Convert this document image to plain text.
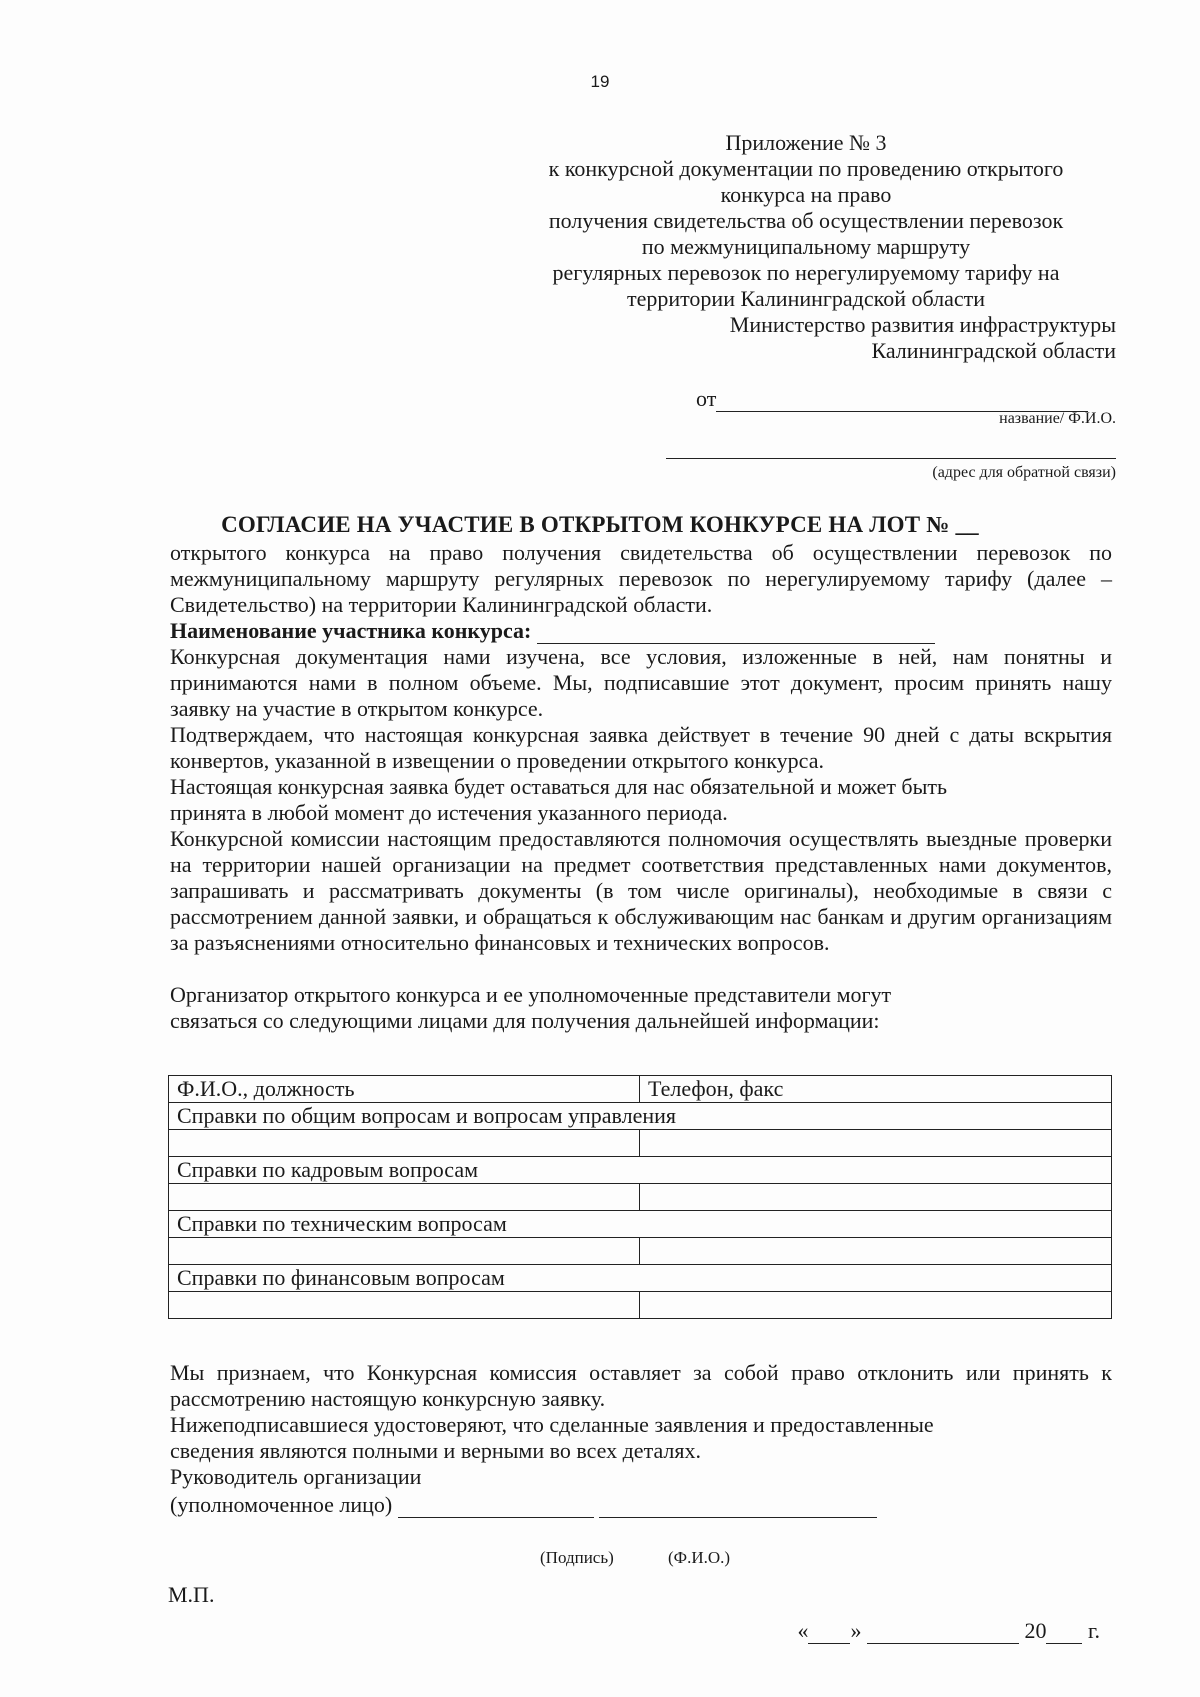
19
Приложение № 3
к конкурсной документации по проведению открытого
конкурса на право
получения свидетельства об осуществлении перевозок
по межмуниципальному маршруту
регулярных перевозок по нерегулируемому тарифу на
территории Калининградской области
Министерство развития инфраструктуры
Калининградской области
от
название/ Ф.И.О.
(адрес для обратной связи)
СОГЛАСИЕ НА УЧАСТИЕ В ОТКРЫТОМ КОНКУРСЕ НА ЛОТ № __
открытого конкурса на право получения свидетельства об осуществлении перевозок по межмуниципальному маршруту регулярных перевозок по нерегулируемому тарифу (далее – Свидетельство) на территории Калининградской области.
Наименование участника конкурса:
Конкурсная документация нами изучена, все условия, изложенные в ней, нам понятны и принимаются нами в полном объеме. Мы, подписавшие этот документ, просим принять нашу заявку на участие в открытом конкурсе.
Подтверждаем, что настоящая конкурсная заявка действует в течение 90 дней с даты вскрытия конвертов, указанной в извещении о проведении открытого конкурса.
Настоящая конкурсная заявка будет оставаться для нас обязательной и может быть
принята в любой момент до истечения указанного периода.
Конкурсной комиссии настоящим предоставляются полномочия осуществлять выездные проверки на территории нашей организации на предмет соответствия представленных нами документов, запрашивать и рассматривать документы (в том числе оригиналы), необходимые в связи с рассмотрением данной заявки, и обращаться к обслуживающим нас банкам и другим организациям за разъяснениями относительно финансовых и технических вопросов.
Организатор открытого конкурса и ее уполномоченные представители могут
связаться со следующими лицами для получения дальнейшей информации:
Ф.И.О., должность	Телефон, факс
Справки по общим вопросам и вопросам управления	

Справки по кадровым вопросам	

Справки по техническим вопросам	

Справки по финансовым вопросам	

Мы признаем, что Конкурсная комиссия оставляет за собой право отклонить или принять к рассмотрению настоящую конкурсную заявку.
Нижеподписавшиеся удостоверяют, что сделанные заявления и предоставленные
сведения являются полными и верными во всех деталях.
Руководитель организации
(уполномоченное лицо)
(Подпись)	(Ф.И.О.)
М.П.
« »	20 г.
